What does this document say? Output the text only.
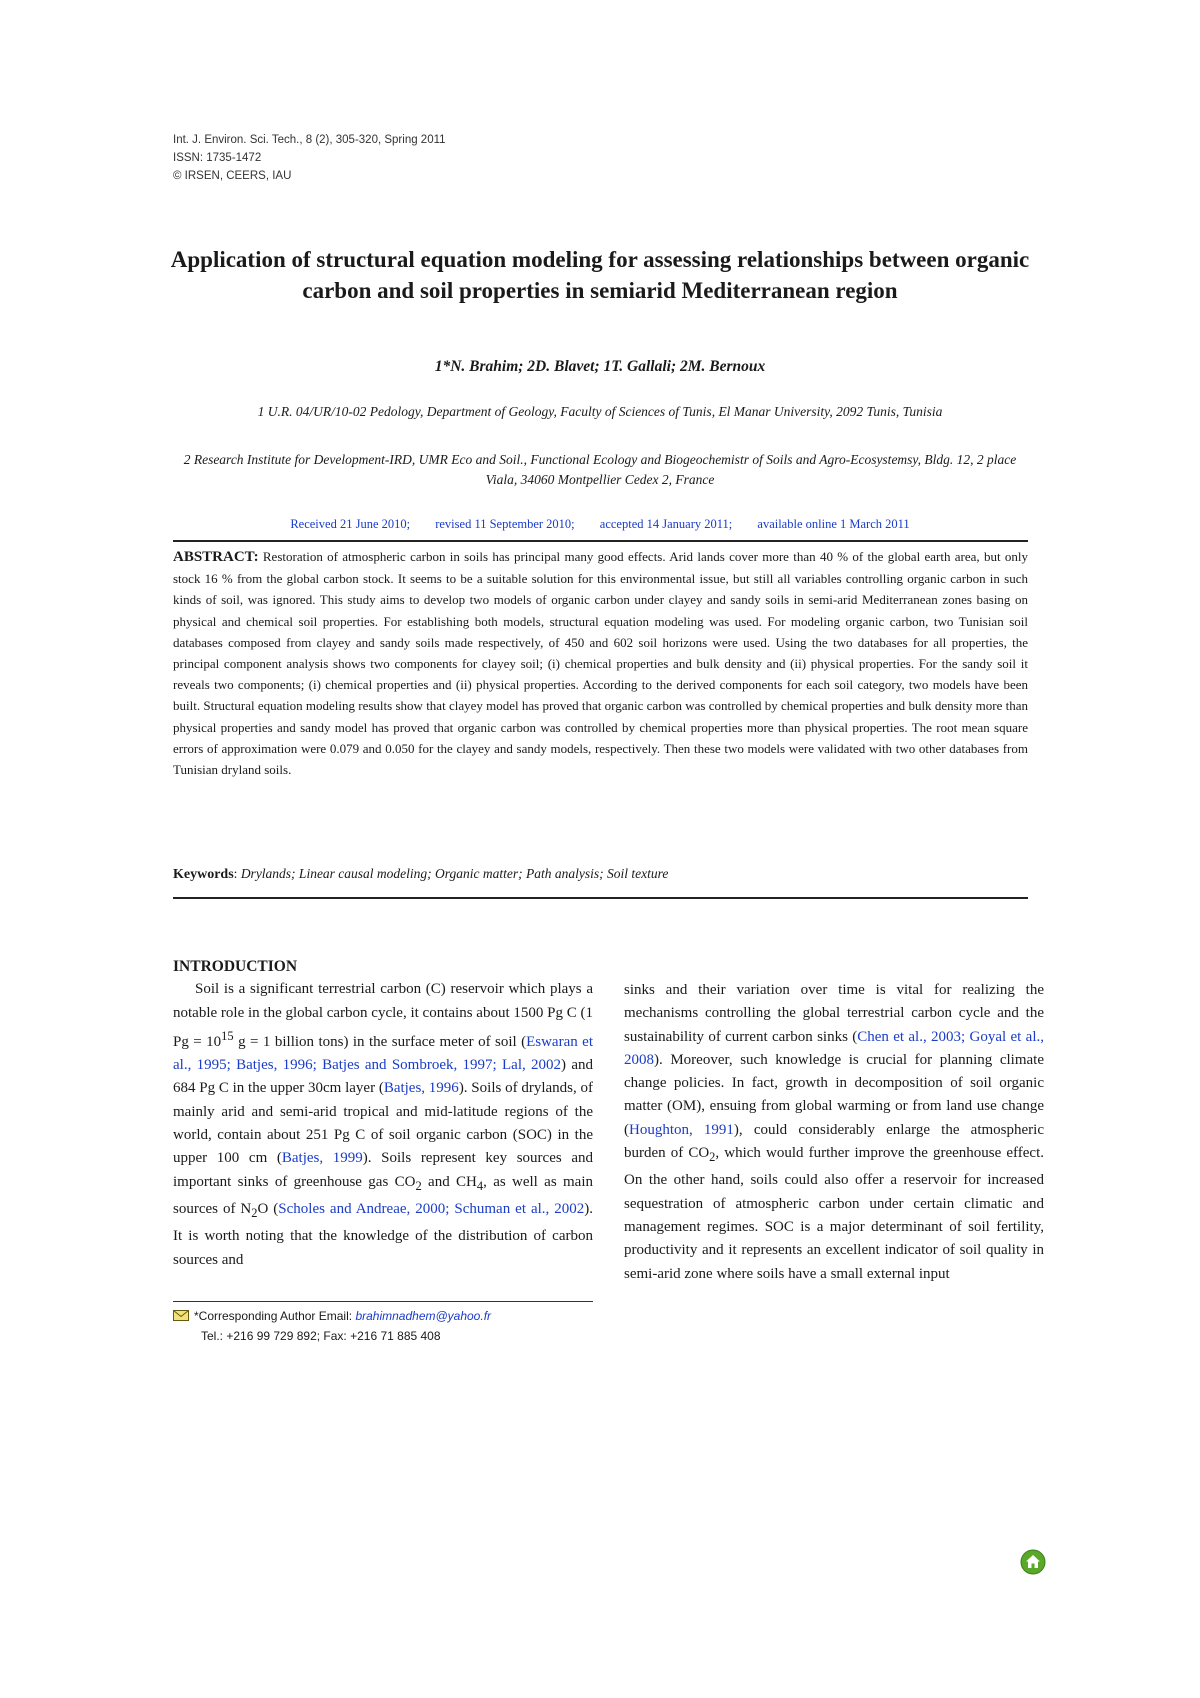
Int. J. Environ. Sci. Tech., 8 (2), 305-320, Spring 2011
ISSN: 1735-1472
© IRSEN, CEERS, IAU
Application of structural equation modeling for assessing relationships between organic carbon and soil properties in semiarid Mediterranean region

1*N. Brahim; 2D. Blavet; 1T. Gallali; 2M. Bernoux

1 U.R. 04/UR/10-02 Pedology, Department of Geology, Faculty of Sciences of Tunis, El Manar University, 2092 Tunis, Tunisia

2 Research Institute for Development-IRD, UMR Eco and Soil., Functional Ecology and Biogeochemistr of Soils and Agro-Ecosystemsy, Bldg. 12, 2 place Viala, 34060 Montpellier Cedex 2, France

Received 21 June 2010; revised 11 September 2010; accepted 14 January 2011; available online 1 March 2011

ABSTRACT: Restoration of atmospheric carbon in soils has principal many good effects. Arid lands cover more than 40 % of the global earth area, but only stock 16 % from the global carbon stock. It seems to be a suitable solution for this environmental issue, but still all variables controlling organic carbon in such kinds of soil, was ignored. This study aims to develop two models of organic carbon under clayey and sandy soils in semi-arid Mediterranean zones basing on physical and chemical soil properties. For establishing both models, structural equation modeling was used. For modeling organic carbon, two Tunisian soil databases composed from clayey and sandy soils made respectively, of 450 and 602 soil horizons were used. Using the two databases for all properties, the principal component analysis shows two components for clayey soil; (i) chemical properties and bulk density and (ii) physical properties. For the sandy soil it reveals two components; (i) chemical properties and (ii) physical properties. According to the derived components for each soil category, two models have been built. Structural equation modeling results show that clayey model has proved that organic carbon was controlled by chemical properties and bulk density more than physical properties and sandy model has proved that organic carbon was controlled by chemical properties more than physical properties. The root mean square errors of approximation were 0.079 and 0.050 for the clayey and sandy models, respectively. Then these two models were validated with two other databases from Tunisian dryland soils.

Keywords: Drylands; Linear causal modeling; Organic matter; Path analysis; Soil texture

INTRODUCTION

Soil is a significant terrestrial carbon (C) reservoir which plays a notable role in the global carbon cycle, it contains about 1500 Pg C (1 $Pg = 10^{15}$ g = 1 billion tons) in the surface meter of soil (Eswaran et al., 1995; Batjes, 1996; Batjes and Sombroek, 1997; Lal, 2002) and 684 Pg C in the upper 30cm layer (Batjes, 1996). Soils of drylands, of mainly arid and semi-arid tropical and mid-latitude regions of the world, contain about 251 Pg C of soil organic carbon (SOC) in the upper 100 cm (Batjes, 1999). Soils represent key sources and important sinks of greenhouse gas $CO_2$ and $CH_4$, as well as main sources of $N_2O$ (Scholes and Andreae, 2000; Schuman et al., 2002). It is worth noting that the knowledge of the distribution of carbon sources and

sinks and their variation over time is vital for realizing the mechanisms controlling the global terrestrial carbon cycle and the sustainability of current carbon sinks (Chen et al., 2003; Goyal et al., 2008). Moreover, such knowledge is crucial for planning climate change policies. In fact, growth in decomposition of soil organic matter (OM), ensuing from global warming or from land use change (Houghton, 1991), could considerably enlarge the atmospheric burden of $CO_2$, which would further improve the greenhouse effect. On the other hand, soils could also offer a reservoir for increased sequestration of atmospheric carbon under certain climatic and management regimes. SOC is a major determinant of soil fertility, productivity and it represents an excellent indicator of soil quality in semi-arid zone where soils have a small external input

*Corresponding Author Email: brahimnadhem@yahoo.fr
Tel.: +216 99 729 892; Fax: +216 71 885 408
